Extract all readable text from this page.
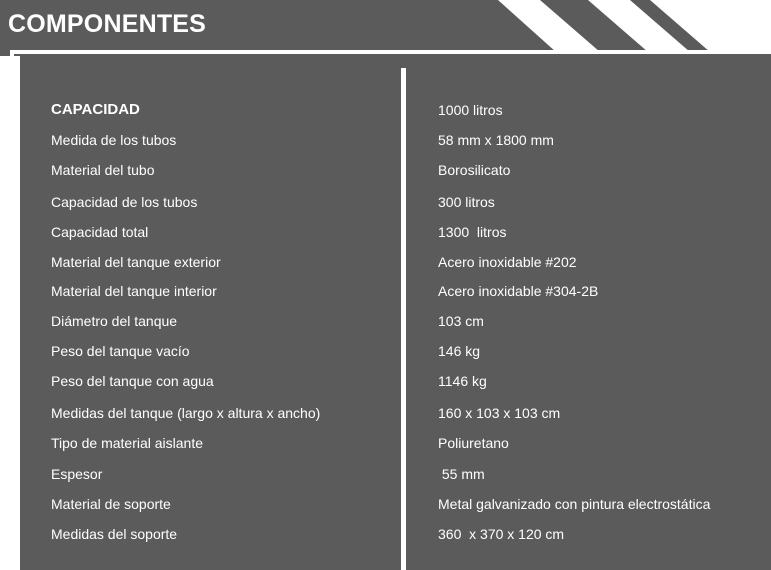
COMPONENTES
CAPACIDAD	1000 litros
Medida de los tubos	58 mm x 1800 mm
Material del tubo	Borosilicato
Capacidad de los tubos	300 litros
Capacidad total	1300  litros
Material del tanque exterior	Acero inoxidable #202
Material del tanque interior	Acero inoxidable #304-2B
Diámetro del tanque	103 cm
Peso del tanque vacío	146 kg
Peso del tanque con agua	1146 kg
Medidas del tanque (largo x altura x ancho)	160 x 103 x 103 cm
Tipo de material aislante	Poliuretano
Espesor	55 mm
Material de soporte	Metal galvanizado con pintura electrostática
Medidas del soporte	360  x 370 x 120 cm
